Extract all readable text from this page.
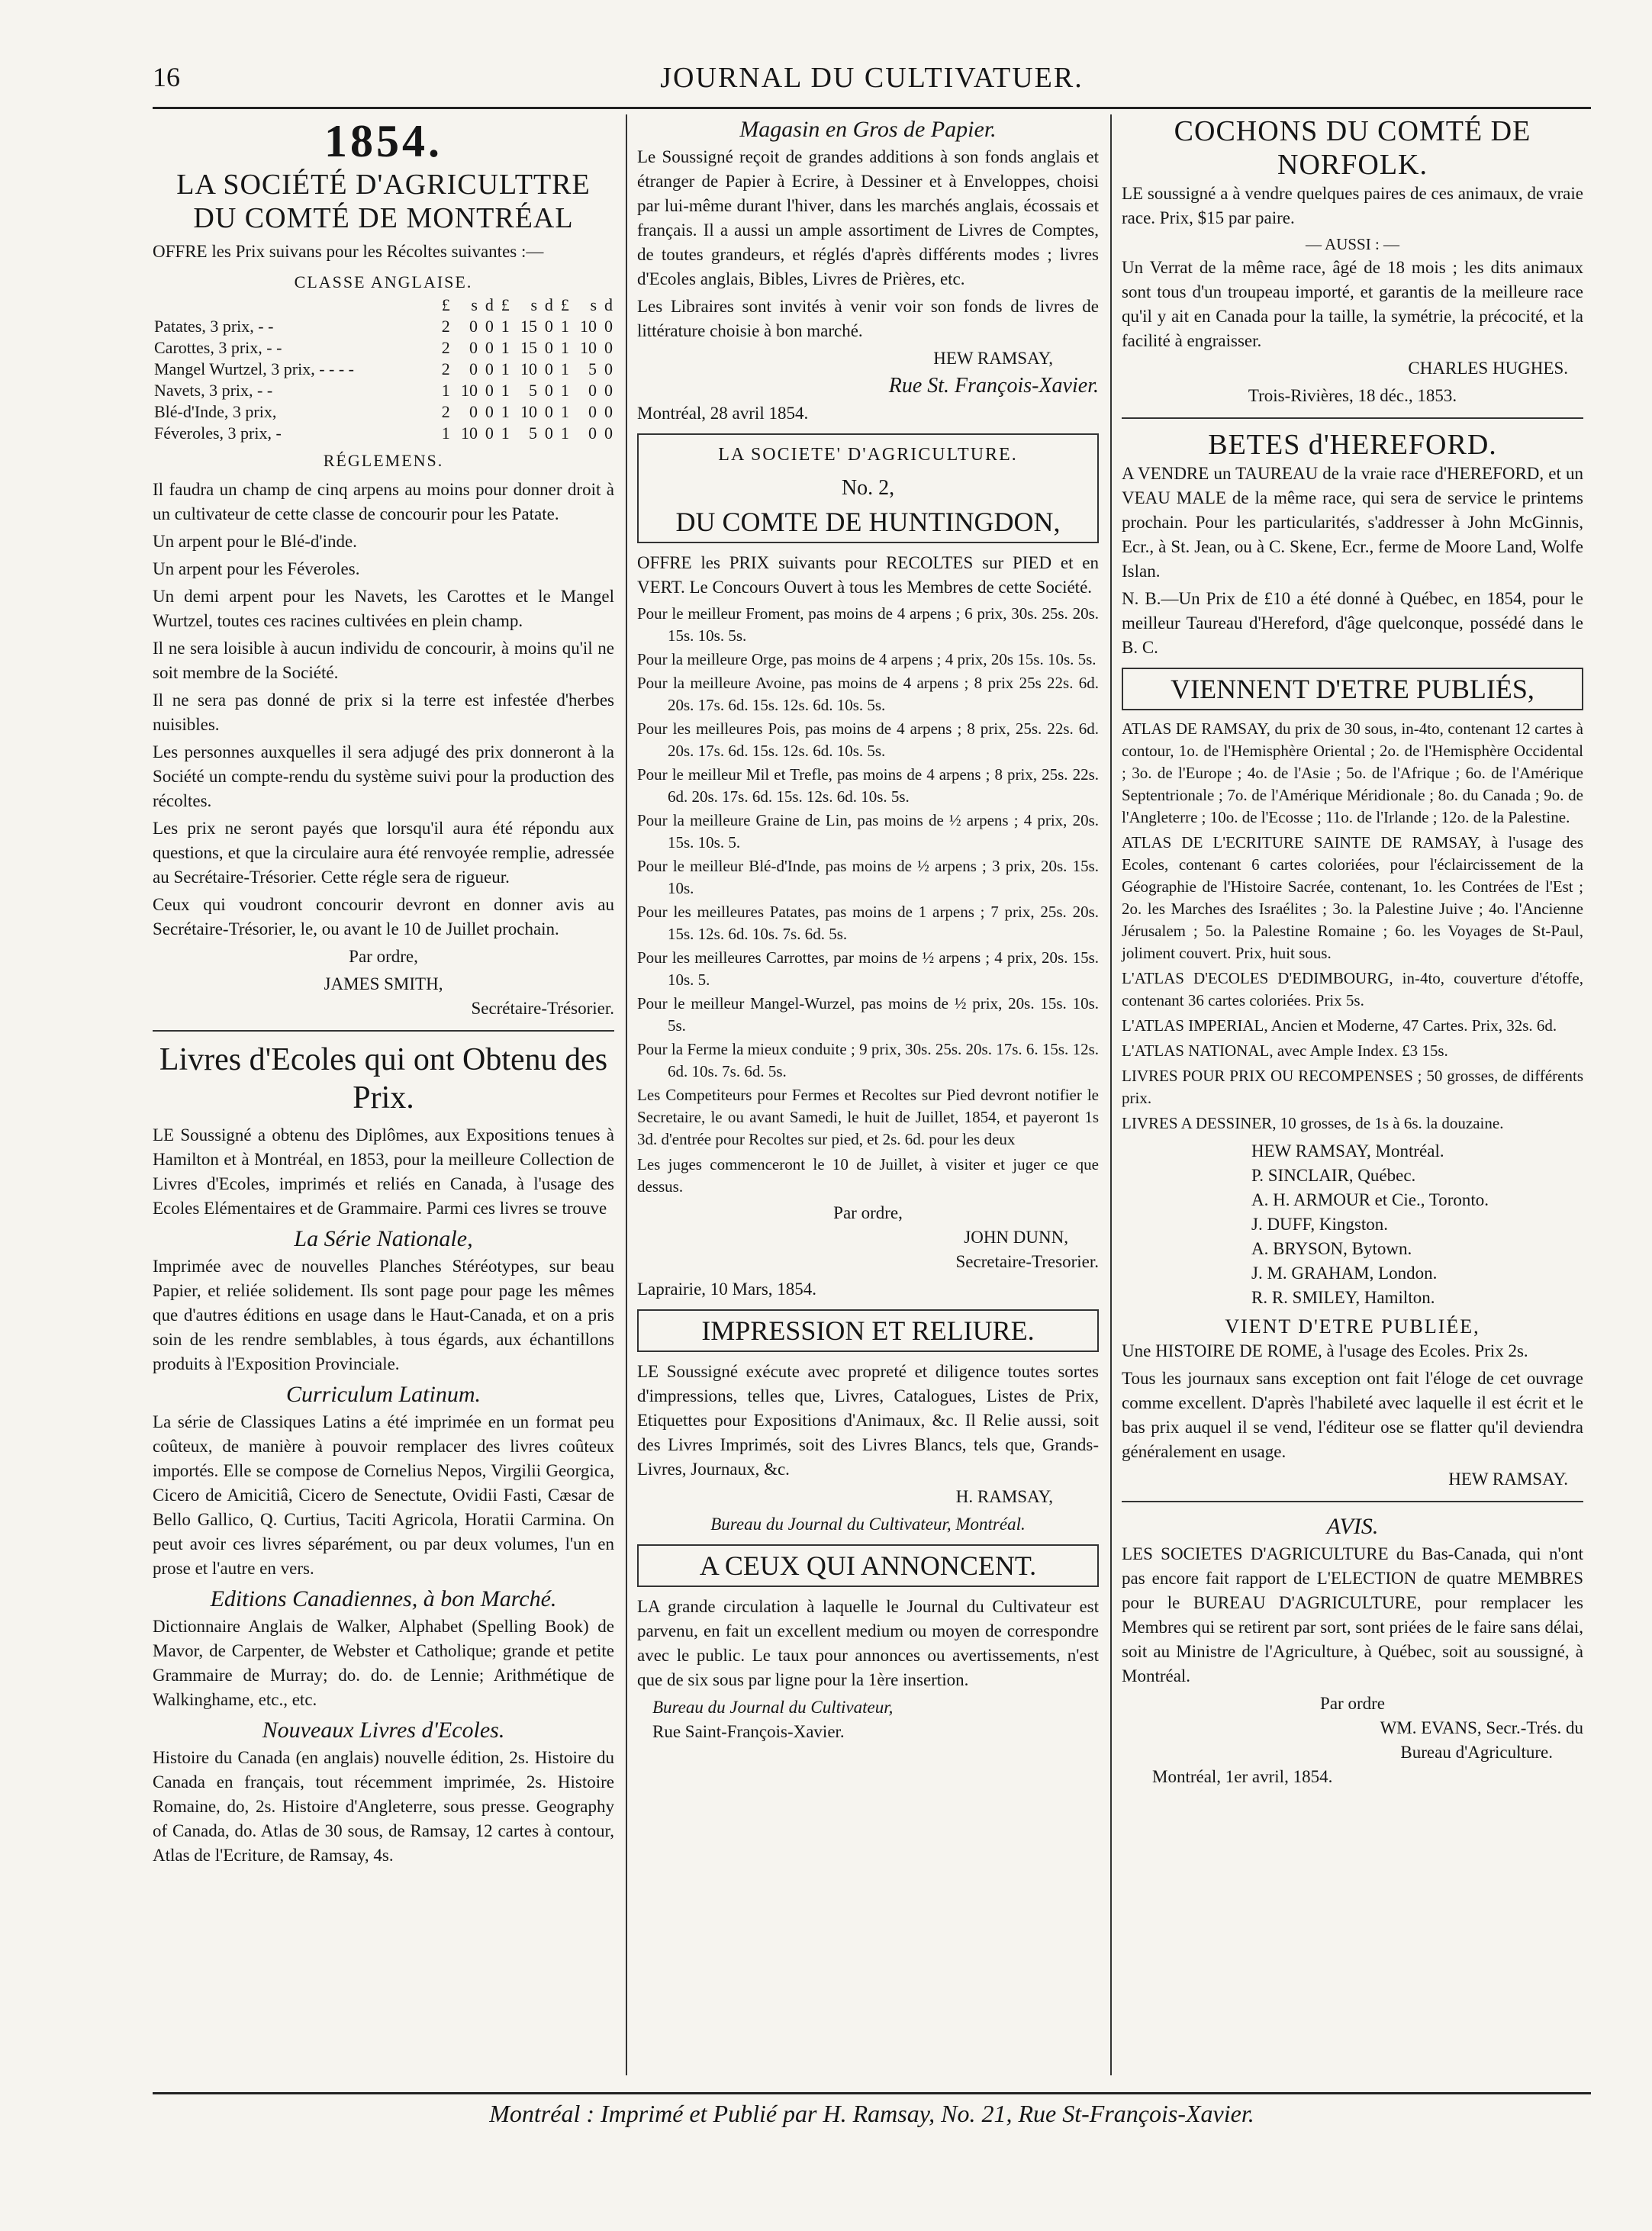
16	JOURNAL DU CULTIVATUER.
1854.
LA SOCIÉTÉ D'AGRICULTTRE
DU COMTÉ DE MONTRÉAL

OFFRE les Prix suivans pour les Récoltes suivantes :—

CLASSE ANGLAISE.
	£	s	d	£	s	d	£	s	d
Patates, 3 prix, - -	2	0	0	1	15	0	1	10	0
Carottes, 3 prix, - -	2	0	0	1	15	0	1	10	0
Mangel Wurtzel, 3 prix, - - - -	2	0	0	1	10	0	1	5	0
Navets, 3 prix, - -	1	10	0	1	5	0	1	0	0
Blé-d'Inde, 3 prix,	2	0	0	1	10	0	1	0	0
Féveroles, 3 prix, -	1	10	0	1	5	0	1	0	0
RÉGLEMENS.

Il faudra un champ de cinq arpens au moins pour donner droit à un cultivateur de cette classe de concourir pour les Patate.

Un arpent pour le Blé-d'inde.

Un arpent pour les Féveroles.

Un demi arpent pour les Navets, les Carottes et le Mangel Wurtzel, toutes ces racines cultivées en plein champ.

Il ne sera loisible à aucun individu de concourir, à moins qu'il ne soit membre de la Société.

Il ne sera pas donné de prix si la terre est infestée d'herbes nuisibles.

Les personnes auxquelles il sera adjugé des prix donneront à la Société un compte-rendu du système suivi pour la production des récoltes.

Les prix ne seront payés que lorsqu'il aura été répondu aux questions, et que la circulaire aura été renvoyée remplie, adressée au Secrétaire-Trésorier. Cette régle sera de rigueur.

Ceux qui voudront concourir devront en donner avis au Secrétaire-Trésorier, le, ou avant le 10 de Juillet prochain.

Par ordre,

JAMES SMITH,

Secrétaire-Trésorier.

Livres d'Ecoles qui ont Obtenu des Prix.

LE Soussigné a obtenu des Diplômes, aux Expositions tenues à Hamilton et à Montréal, en 1853, pour la meilleure Collection de Livres d'Ecoles, imprimés et reliés en Canada, à l'usage des Ecoles Elémentaires et de Grammaire. Parmi ces livres se trouve

La Série Nationale,

Imprimée avec de nouvelles Planches Stéréotypes, sur beau Papier, et reliée solidement. Ils sont page pour page les mêmes que d'autres éditions en usage dans le Haut-Canada, et on a pris soin de les rendre semblables, à tous égards, aux échantillons produits à l'Exposition Provinciale.

Curriculum Latinum.

La série de Classiques Latins a été imprimée en un format peu coûteux, de manière à pouvoir remplacer des livres coûteux importés. Elle se compose de Cornelius Nepos, Virgilii Georgica, Cicero de Amicitiâ, Cicero de Senectute, Ovidii Fasti, Cæsar de Bello Gallico, Q. Curtius, Taciti Agricola, Horatii Carmina. On peut avoir ces livres séparément, ou par deux volumes, l'un en prose et l'autre en vers.

Editions Canadiennes, à bon Marché.

Dictionnaire Anglais de Walker, Alphabet (Spelling Book) de Mavor, de Carpenter, de Webster et Catholique; grande et petite Grammaire de Murray; do. do. de Lennie; Arithmétique de Walkinghame, etc., etc.

Nouveaux Livres d'Ecoles.

Histoire du Canada (en anglais) nouvelle édition, 2s. Histoire du Canada en français, tout récemment imprimée, 2s. Histoire Romaine, do, 2s. Histoire d'Angleterre, sous presse. Geography of Canada, do. Atlas de 30 sous, de Ramsay, 12 cartes à contour, Atlas de l'Ecriture, de Ramsay, 4s.

Magasin en Gros de Papier.

Le Soussigné reçoit de grandes additions à son fonds anglais et étranger de Papier à Ecrire, à Dessiner et à Enveloppes, choisi par lui-même durant l'hiver, dans les marchés anglais, écossais et français. Il a aussi un ample assortiment de Livres de Comptes, de toutes grandeurs, et réglés d'après différents modes ; livres d'Ecoles anglais, Bibles, Livres de Prières, etc.

Les Libraires sont invités à venir voir son fonds de livres de littérature choisie à bon marché.

HEW RAMSAY,

Rue St. François-Xavier.

Montréal, 28 avril 1854.

LA SOCIETE' D'AGRICULTURE.
No. 2,
DU COMTE DE HUNTINGDON,

OFFRE les PRIX suivants pour RECOLTES sur PIED et en VERT. Le Concours Ouvert à tous les Membres de cette Société.

Pour le meilleur Froment, pas moins de 4 arpens ; 6 prix, 30s. 25s. 20s. 15s. 10s. 5s.

Pour la meilleure Orge, pas moins de 4 arpens ; 4 prix, 20s 15s. 10s. 5s.

Pour la meilleure Avoine, pas moins de 4 arpens ; 8 prix 25s 22s. 6d. 20s. 17s. 6d. 15s. 12s. 6d. 10s. 5s.

Pour les meilleures Pois, pas moins de 4 arpens ; 8 prix, 25s. 22s. 6d. 20s. 17s. 6d. 15s. 12s. 6d. 10s. 5s.

Pour le meilleur Mil et Trefle, pas moins de 4 arpens ; 8 prix, 25s. 22s. 6d. 20s. 17s. 6d. 15s. 12s. 6d. 10s. 5s.

Pour la meilleure Graine de Lin, pas moins de ½ arpens ; 4 prix, 20s. 15s. 10s. 5.

Pour le meilleur Blé-d'Inde, pas moins de ½ arpens ; 3 prix, 20s. 15s. 10s.

Pour les meilleures Patates, pas moins de 1 arpens ; 7 prix, 25s. 20s. 15s. 12s. 6d. 10s. 7s. 6d. 5s.

Pour les meilleures Carrottes, par moins de ½ arpens ; 4 prix, 20s. 15s. 10s. 5.

Pour le meilleur Mangel-Wurzel, pas moins de ½ prix, 20s. 15s. 10s. 5s.

Pour la Ferme la mieux conduite ; 9 prix, 30s. 25s. 20s. 17s. 6. 15s. 12s. 6d. 10s. 7s. 6d. 5s.

Les Competiteurs pour Fermes et Recoltes sur Pied devront notifier le Secretaire, le ou avant Samedi, le huit de Juillet, 1854, et payeront 1s 3d. d'entrée pour Recoltes sur pied, et 2s. 6d. pour les deux

Les juges commenceront le 10 de Juillet, à visiter et juger ce que dessus.

Par ordre,

JOHN DUNN,

Secretaire-Tresorier.

Laprairie, 10 Mars, 1854.

IMPRESSION ET RELIURE.

LE Soussigné exécute avec propreté et diligence toutes sortes d'impressions, telles que, Livres, Catalogues, Listes de Prix, Etiquettes pour Expositions d'Animaux, &c. Il Relie aussi, soit des Livres Imprimés, soit des Livres Blancs, tels que, Grands-Livres, Journaux, &c.

H. RAMSAY,

Bureau du Journal du Cultivateur, Montréal.

A CEUX QUI ANNONCENT.

LA grande circulation à laquelle le Journal du Cultivateur est parvenu, en fait un excellent medium ou moyen de correspondre avec le public. Le taux pour annonces ou avertissements, n'est que de six sous par ligne pour la 1ère insertion.

Bureau du Journal du Cultivateur,

Rue Saint-François-Xavier.

COCHONS DU COMTÉ DE NORFOLK.

LE soussigné a à vendre quelques paires de ces animaux, de vraie race. Prix, $15 par paire.

— AUSSI : —

Un Verrat de la même race, âgé de 18 mois ; les dits animaux sont tous d'un troupeau importé, et garantis de la meilleure race qu'il y ait en Canada pour la taille, la symétrie, la précocité, et la facilité à engraisser.

CHARLES HUGHES.

Trois-Rivières, 18 déc., 1853.

BETES d'HEREFORD.

A VENDRE un TAUREAU de la vraie race d'HEREFORD, et un VEAU MALE de la même race, qui sera de service le printems prochain. Pour les particularités, s'addresser à John McGinnis, Ecr., à St. Jean, ou à C. Skene, Ecr., ferme de Moore Land, Wolfe Islan.

N. B.—Un Prix de £10 a été donné à Québec, en 1854, pour le meilleur Taureau d'Hereford, d'âge quelconque, possédé dans le B. C.

VIENNENT D'ETRE PUBLIÉS,

ATLAS DE RAMSAY, du prix de 30 sous, in-4to, contenant 12 cartes à contour, 1o. de l'Hemisphère Oriental ; 2o. de l'Hemisphère Occidental ; 3o. de l'Europe ; 4o. de l'Asie ; 5o. de l'Afrique ; 6o. de l'Amérique Septentrionale ; 7o. de l'Amérique Méridionale ; 8o. du Canada ; 9o. de l'Angleterre ; 10o. de l'Ecosse ; 11o. de l'Irlande ; 12o. de la Palestine.

ATLAS DE L'ECRITURE SAINTE DE RAMSAY, à l'usage des Ecoles, contenant 6 cartes coloriées, pour l'éclaircissement de la Géographie de l'Histoire Sacrée, contenant, 1o. les Contrées de l'Est ; 2o. les Marches des Israélites ; 3o. la Palestine Juive ; 4o. l'Ancienne Jérusalem ; 5o. la Palestine Romaine ; 6o. les Voyages de St-Paul, joliment couvert. Prix, huit sous.

L'ATLAS D'ECOLES D'EDIMBOURG, in-4to, couverture d'étoffe, contenant 36 cartes coloriées. Prix 5s.

L'ATLAS IMPERIAL, Ancien et Moderne, 47 Cartes. Prix, 32s. 6d.

L'ATLAS NATIONAL, avec Ample Index. £3 15s.

LIVRES POUR PRIX OU RECOMPENSES ; 50 grosses, de différents prix.

LIVRES A DESSINER, 10 grosses, de 1s à 6s. la douzaine.

HEW RAMSAY, Montréal.

P. SINCLAIR, Québec.

A. H. ARMOUR et Cie., Toronto.

J. DUFF, Kingston.

A. BRYSON, Bytown.

J. M. GRAHAM, London.

R. R. SMILEY, Hamilton.

VIENT D'ETRE PUBLIÉE,

Une HISTOIRE DE ROME, à l'usage des Ecoles. Prix 2s.

Tous les journaux sans exception ont fait l'éloge de cet ouvrage comme excellent. D'après l'habileté avec laquelle il est écrit et le bas prix auquel il se vend, l'éditeur ose se flatter qu'il deviendra généralement en usage.

HEW RAMSAY.

AVIS.

LES SOCIETES D'AGRICULTURE du Bas-Canada, qui n'ont pas encore fait rapport de L'ELECTION de quatre MEMBRES pour le BUREAU D'AGRICULTURE, pour remplacer les Membres qui se retirent par sort, sont priées de le faire sans délai, soit au Ministre de l'Agriculture, à Québec, soit au soussigné, à Montréal.

Par ordre

WM. EVANS, Secr.-Trés. du

Bureau d'Agriculture.

Montréal, 1er avril, 1854.

Montréal : Imprimé et Publié par H. Ramsay, No. 21, Rue St-François-Xavier.
